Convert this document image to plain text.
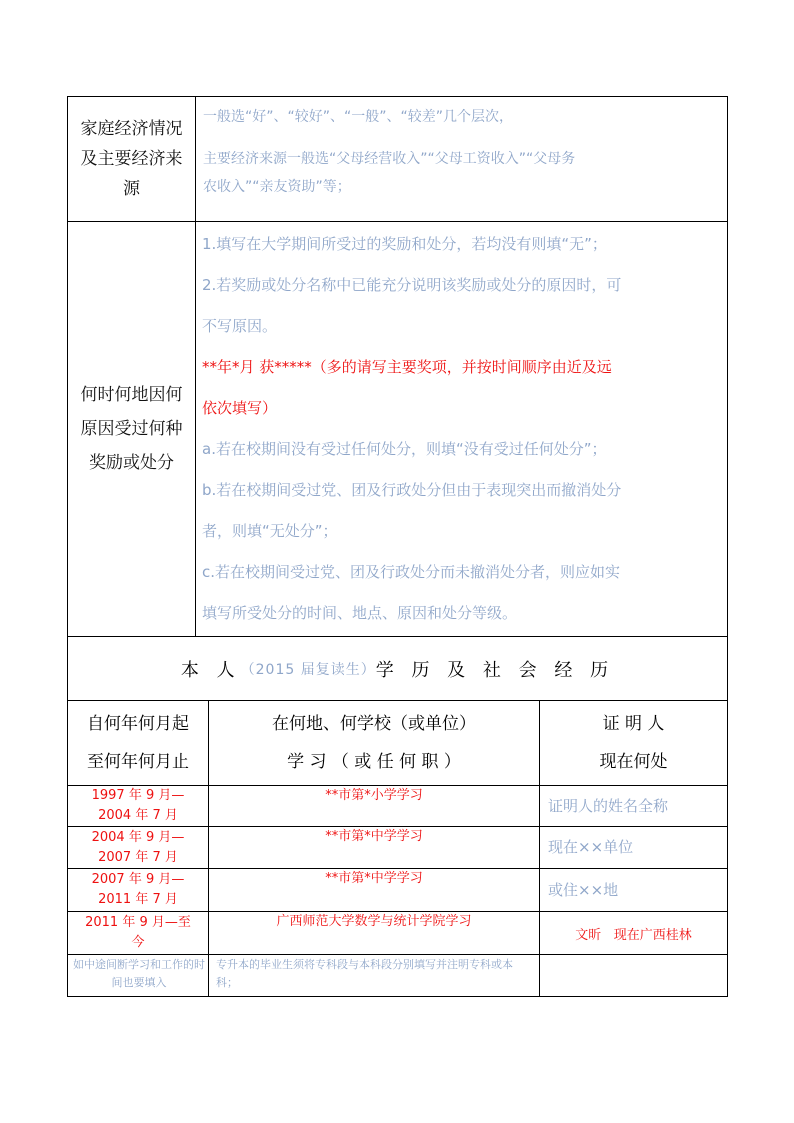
家庭经济情况及主要经济来源
一般选“好”、“较好”、“一般”、“较差”几个层次，
主要经济来源一般选“父母经营收入”“父母工资收入”“父母务
农收入”“亲友资助”等；
何时何地因何原因受过何种奖励或处分
1.填写在大学期间所受过的奖励和处分，若均没有则填“无”；
2.若奖励或处分名称中已能充分说明该奖励或处分的原因时，可
不写原因。
**年*月 获*****（多的请写主要奖项，并按时间顺序由近及远
依次填写）
a.若在校期间没有受过任何处分，则填“没有受过任何处分”；
b.若在校期间受过党、团及行政处分但由于表现突出而撤消处分
者，则填“无处分”；
c.若在校期间受过党、团及行政处分而未撤消处分者，则应如实
填写所受处分的时间、地点、原因和处分等级。
本 人 （2015 届复读生） 学 历 及 社 会 经 历
自何年何月起
至何年何月止
在何地、何学校（或单位）
学 习 （ 或 任 何 职 ）
证 明 人
现在何处
1997 年 9 月—
2004 年 7 月
**市第*小学学习
证明人的姓名全称
2004 年 9 月—
2007 年 7 月
**市第*中学学习
现在××单位
2007 年 9 月—
2011 年 7 月
**市第*中学学习
或住××地
2011 年 9 月—至
今
广西师范大学数学与统计学院学习
文昕   现在广西桂林
如中途间断学习和工作的时间也要填入
专升本的毕业生须将专科段与本科段分别填写并注明专科或本科；
